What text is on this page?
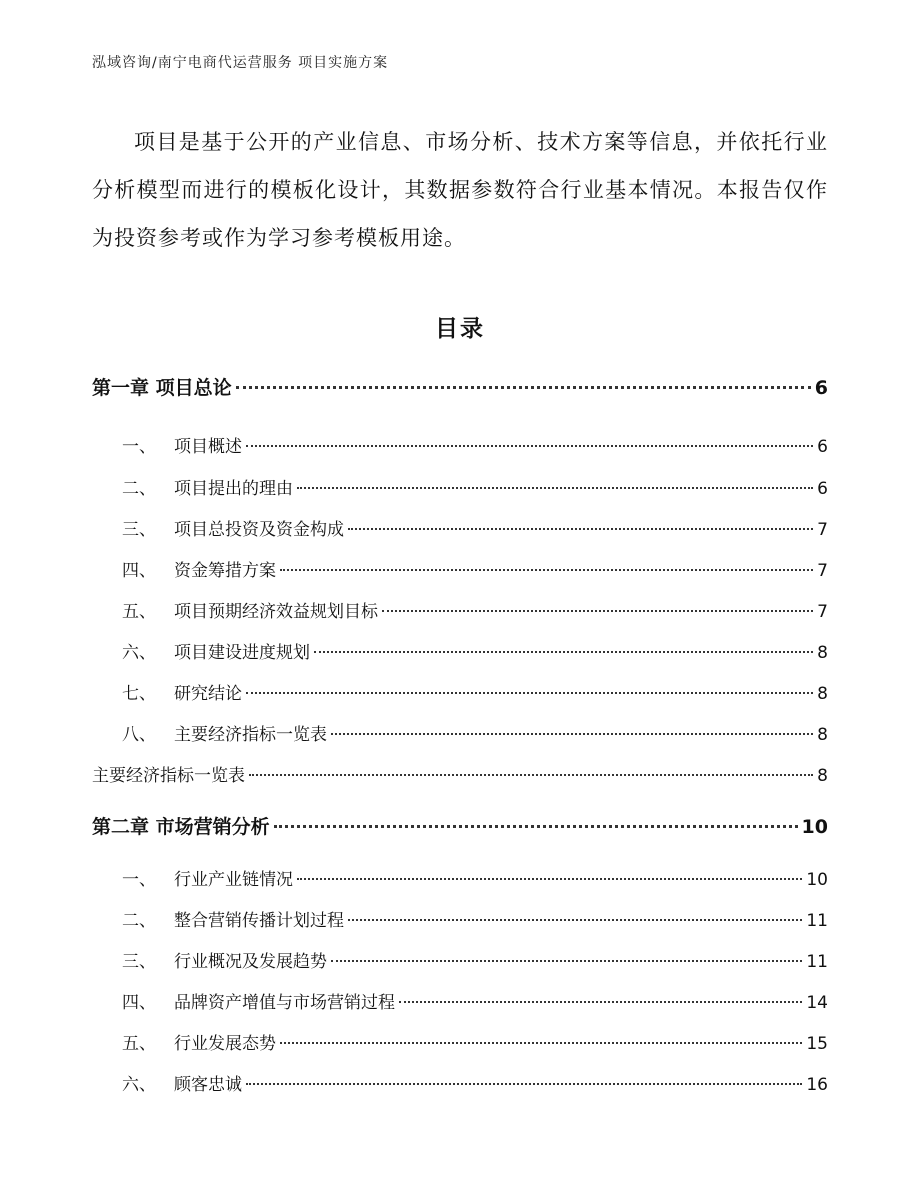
泓域咨询/南宁电商代运营服务 项目实施方案
项目是基于公开的产业信息、市场分析、技术方案等信息，并依托行业分析模型而进行的模板化设计，其数据参数符合行业基本情况。本报告仅作为投资参考或作为学习参考模板用途。
目录
第一章 项目总论	6
一、 项目概述	6
二、 项目提出的理由	6
三、 项目总投资及资金构成	7
四、 资金筹措方案	7
五、 项目预期经济效益规划目标	7
六、 项目建设进度规划	8
七、 研究结论	8
八、 主要经济指标一览表	8
主要经济指标一览表	8
第二章 市场营销分析	10
一、 行业产业链情况	10
二、 整合营销传播计划过程	11
三、 行业概况及发展趋势	11
四、 品牌资产增值与市场营销过程	14
五、 行业发展态势	15
六、 顾客忠诚	16
